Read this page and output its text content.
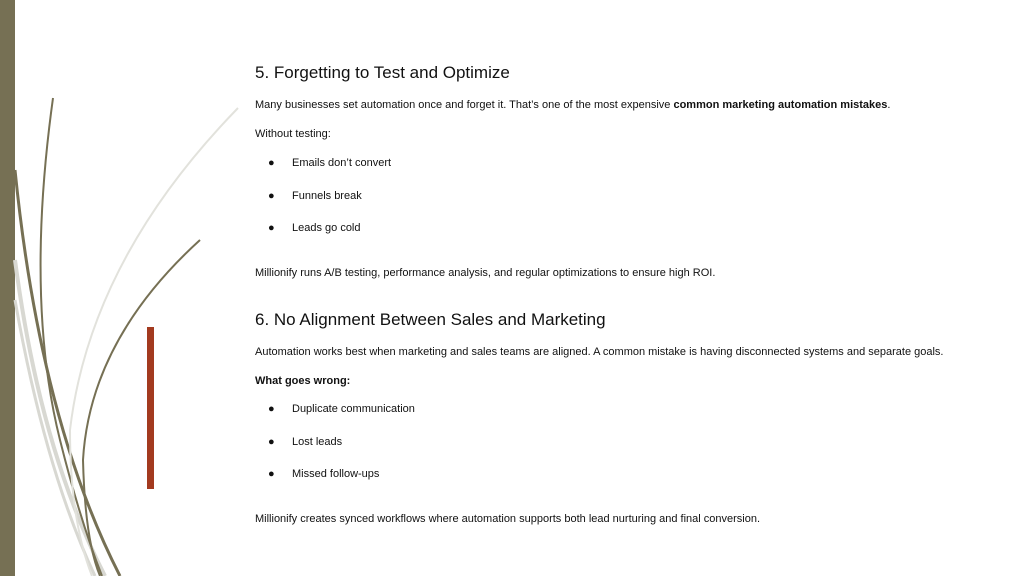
5. Forgetting to Test and Optimize
Many businesses set automation once and forget it. That’s one of the most expensive common marketing automation mistakes.
Without testing:
● Emails don’t convert
● Funnels break
● Leads go cold
Millionify runs A/B testing, performance analysis, and regular optimizations to ensure high ROI.
6. No Alignment Between Sales and Marketing
Automation works best when marketing and sales teams are aligned. A common mistake is having disconnected systems and separate goals.
What goes wrong:
● Duplicate communication
● Lost leads
● Missed follow-ups
Millionify creates synced workflows where automation supports both lead nurturing and final conversion.
